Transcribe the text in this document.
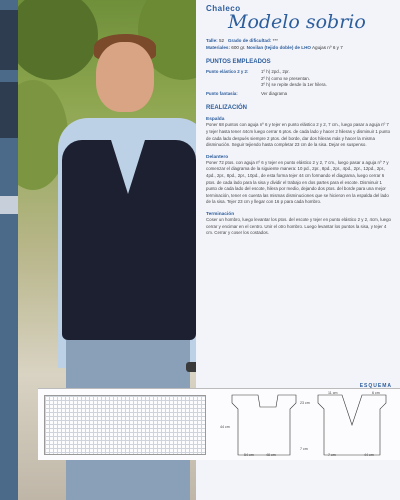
Chaleco
Modelo sobrio
Talle: 52 Grado de dificultad: ***
Materiales: 600 gr. Novilan (tejido doble) de LHO Agujas nº 6 y 7
PUNTOS EMPLEADOS
Punto elástico 2 y 2:	1º h) 2pd., 2pr.
2º h) como se presentan.
3º h) se repite desde la 1er hilera.
Punto fantasía:	Ver diagrama
REALIZACIÓN
Espalda
Poner 68 puntos con aguja nº 6 y tejer en punto elástico 2 y 2, 7 cm., luego pasar a aguja nº 7 y tejer hasta tener 44cm luego cerrar 6 ptos. de cada lado y hacer 2 hileras y disminuir 1 punto de cada lado después siempre 2 ptos. del borde, dar dos hileras más y hacer la misma disminución. Seguir tejiendo hasta completar 23 cm de la sisa. Dejar en suspenso.
Delantero
Poner 72 ptos. con aguja nº 6 y tejer en punto elástico 2 y 2, 7 cm., luego pasar a aguja nº 7 y comenzar el diagrama de la siguiente manera: 10 pd., 2pr., 8pd., 2pr., 4pd., 2pr., 12pd., 2pr., 4pd., 2pr., 8pd., 2pr., 10pd., de esta forma tejer 44 cm formando el diagrama, luego cerrar 6 ptos. de cada lado para la sisa y dividir el trabajo en dos partes para el escote. Disminuir 1 punto de cada lado del escote, hilera por medio, dejando dos ptos. del borde para una mejor terminación, tener en cuenta las mismas disminuciones que se hicieron en la espalda del lado de la sisa. Tejer 23 cm y llegar con 16 p para cada hombro.
Terminación
Coser un hombro, luego levantar los ptos. del escote y tejer en punto elástico 2 y 2, 4cm, luego cerrar y encimar en el centro. Unir el otro hombro. Luego levantar los puntos la sisa, y tejer 4 cm. Cerrar y coser los costados.
ESQUEMA
23 cm
44 cm
7 cm
54 cm	48 cm
11 cm	6 cm
7 cm	44 cm
